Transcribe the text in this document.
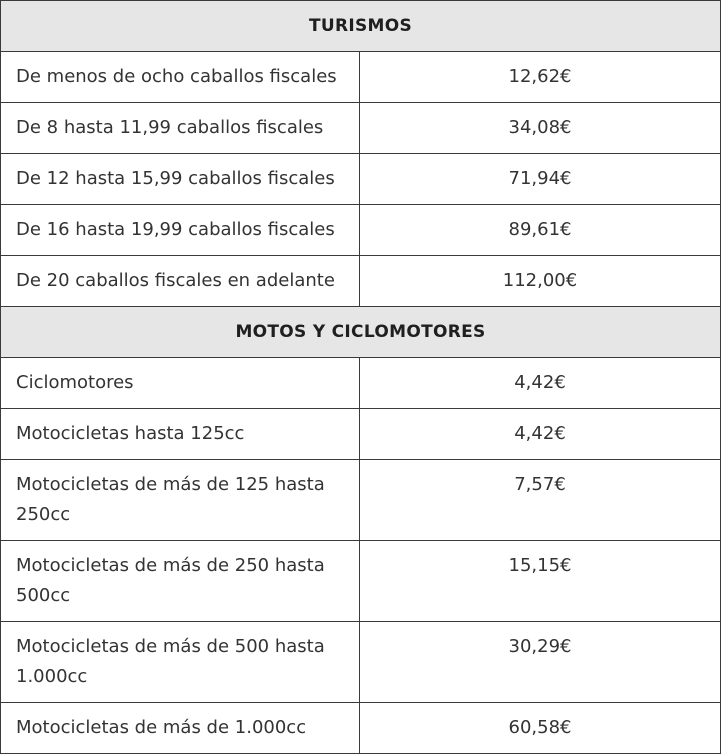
TURISMOS	
De menos de ocho caballos fiscales	12,62€
De 8 hasta 11,99 caballos fiscales	34,08€
De 12 hasta 15,99 caballos fiscales	71,94€
De 16 hasta 19,99 caballos fiscales	89,61€
De 20 caballos fiscales en adelante	112,00€
MOTOS Y CICLOMOTORES	
Ciclomotores	4,42€
Motocicletas hasta 125cc	4,42€
Motocicletas de más de 125 hasta 250cc	7,57€
Motocicletas de más de 250 hasta 500cc	15,15€
Motocicletas de más de 500 hasta 1.000cc	30,29€
Motocicletas de más de 1.000cc	60,58€
